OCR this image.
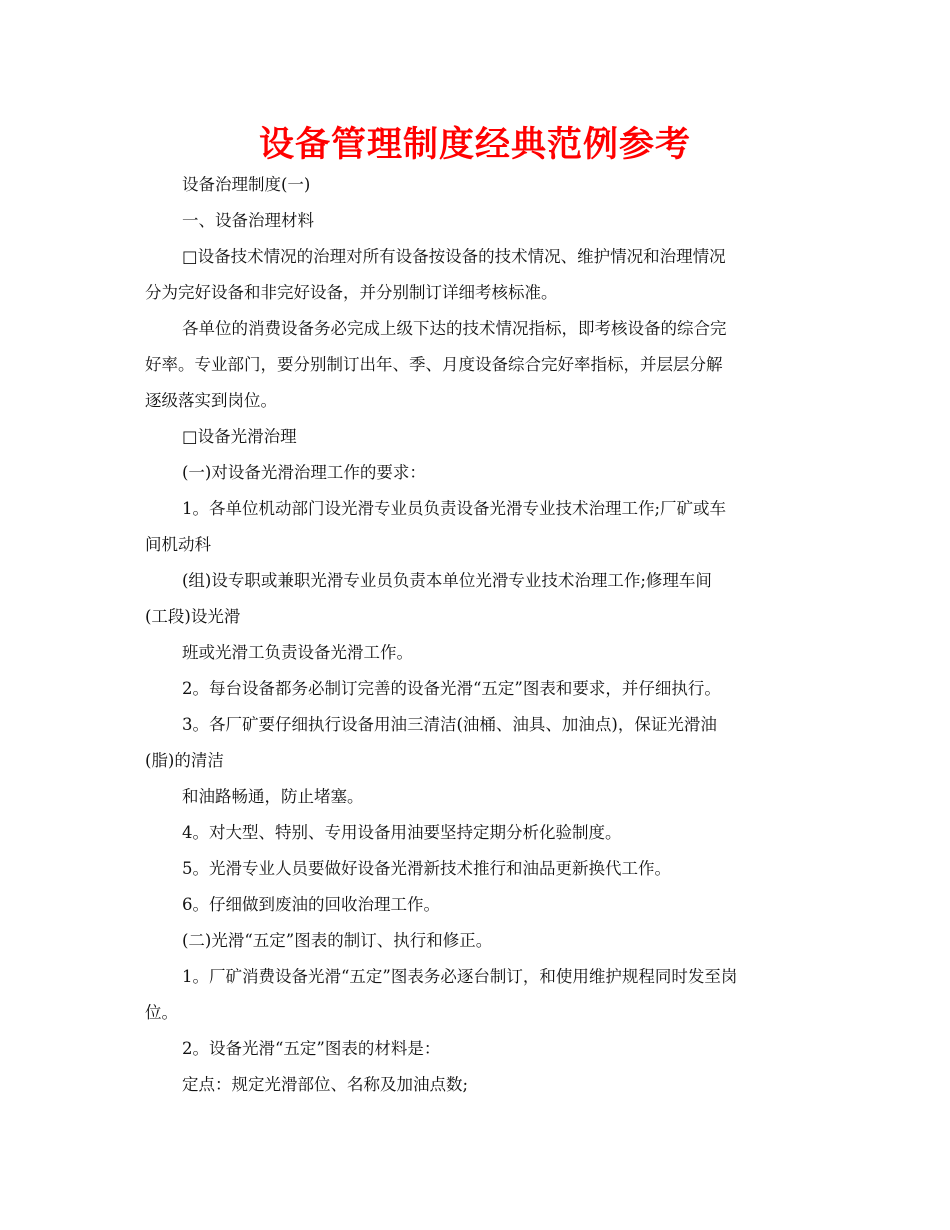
设备管理制度经典范例参考
设备治理制度(一)
一、设备治理材料
□设备技术情况的治理对所有设备按设备的技术情况、维护情况和治理情况
分为完好设备和非完好设备，并分别制订详细考核标准。
各单位的消费设备务必完成上级下达的技术情况指标，即考核设备的综合完
好率。专业部门，要分别制订出年、季、月度设备综合完好率指标，并层层分解
逐级落实到岗位。
□设备光滑治理
(一)对设备光滑治理工作的要求：
1。各单位机动部门设光滑专业员负责设备光滑专业技术治理工作;厂矿或车
间机动科
(组)设专职或兼职光滑专业员负责本单位光滑专业技术治理工作;修理车间
(工段)设光滑
班或光滑工负责设备光滑工作。
2。每台设备都务必制订完善的设备光滑“五定”图表和要求，并仔细执行。
3。各厂矿要仔细执行设备用油三清洁(油桶、油具、加油点)，保证光滑油
(脂)的清洁
和油路畅通，防止堵塞。
4。对大型、特别、专用设备用油要坚持定期分析化验制度。
5。光滑专业人员要做好设备光滑新技术推行和油品更新换代工作。
6。仔细做到废油的回收治理工作。
(二)光滑“五定”图表的制订、执行和修正。
1。厂矿消费设备光滑“五定”图表务必逐台制订，和使用维护规程同时发至岗
位。
2。设备光滑“五定”图表的材料是：
定点：规定光滑部位、名称及加油点数;
